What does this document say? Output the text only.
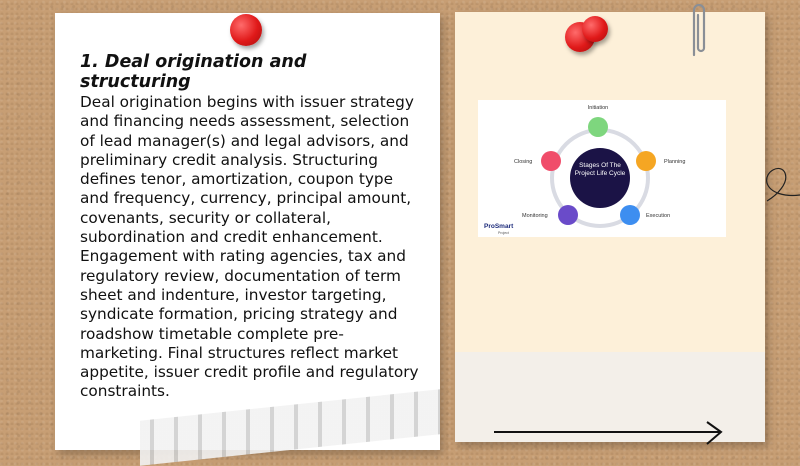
1. Deal origination and structuring

Deal origination begins with issuer strategy and financing needs assessment, selection of lead manager(s) and legal advisors, and preliminary credit analysis. Structuring defines tenor, amortization, coupon type and frequency, currency, principal amount, covenants, security or collateral, subordination and credit enhancement. Engagement with rating agencies, tax and regulatory review, documentation of term sheet and indenture, investor targeting, syndicate formation, pricing strategy and roadshow timetable complete pre-marketing. Final structures reflect market appetite, issuer credit profile and regulatory constraints.

Stages Of The Project Life Cycle
Initiation
Planning
Execution
Monitoring
Closing
ProSmart
Project
